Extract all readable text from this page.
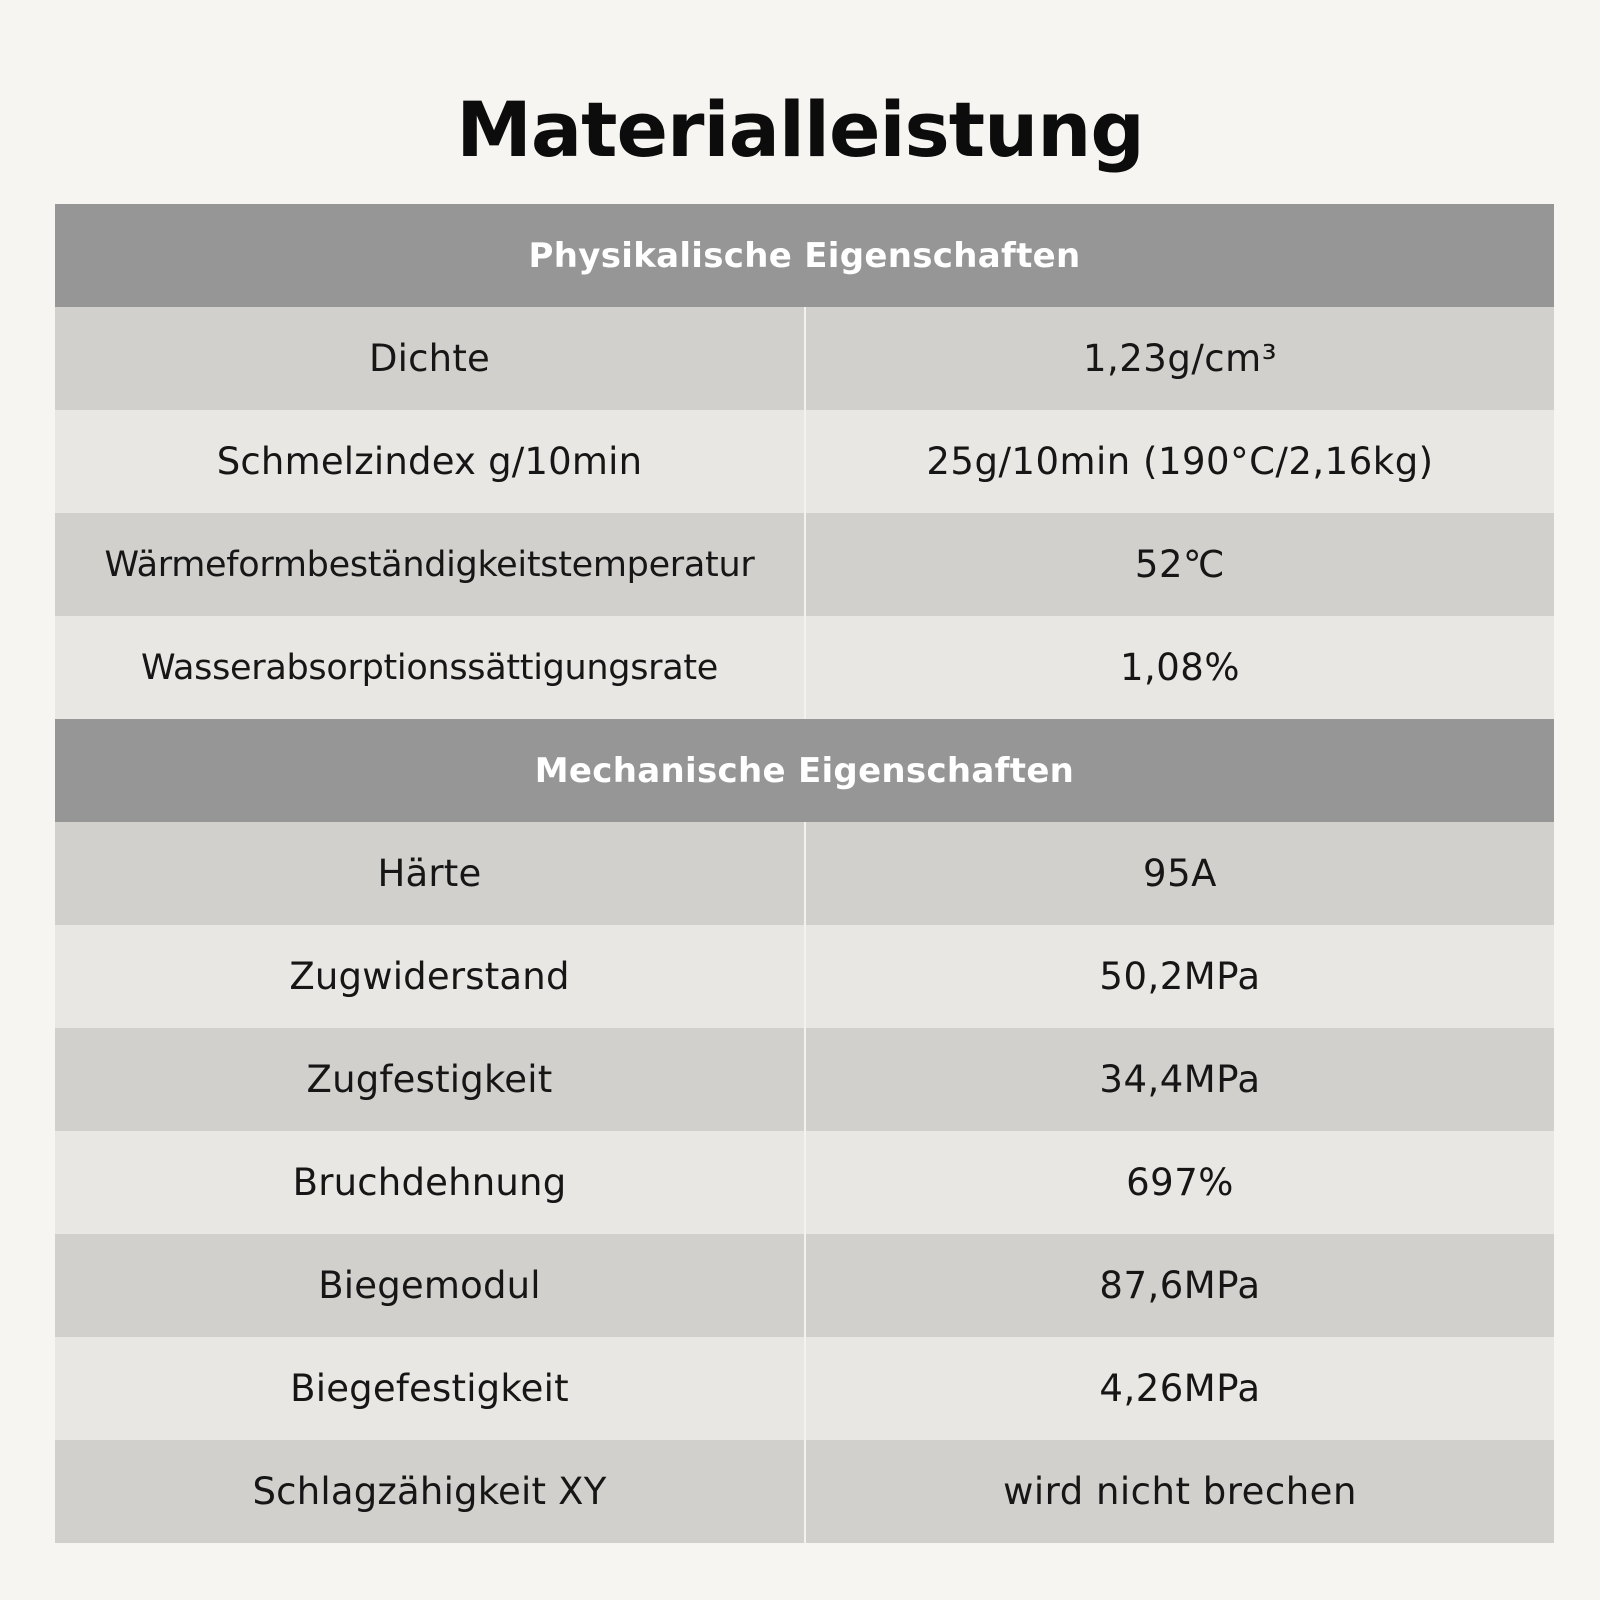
Materialleistung
Physikalische Eigenschaften
Dichte	1,23g/cm³
Schmelzindex g/10min	25g/10min (190°C/2,16kg)
Wärmeformbeständigkeitstemperatur	52℃
Wasserabsorptionssättigungsrate	1,08%
Mechanische Eigenschaften
Härte	95A
Zugwiderstand	50,2MPa
Zugfestigkeit	34,4MPa
Bruchdehnung	697%
Biegemodul	87,6MPa
Biegefestigkeit	4,26MPa
Schlagzähigkeit XY	wird nicht brechen
